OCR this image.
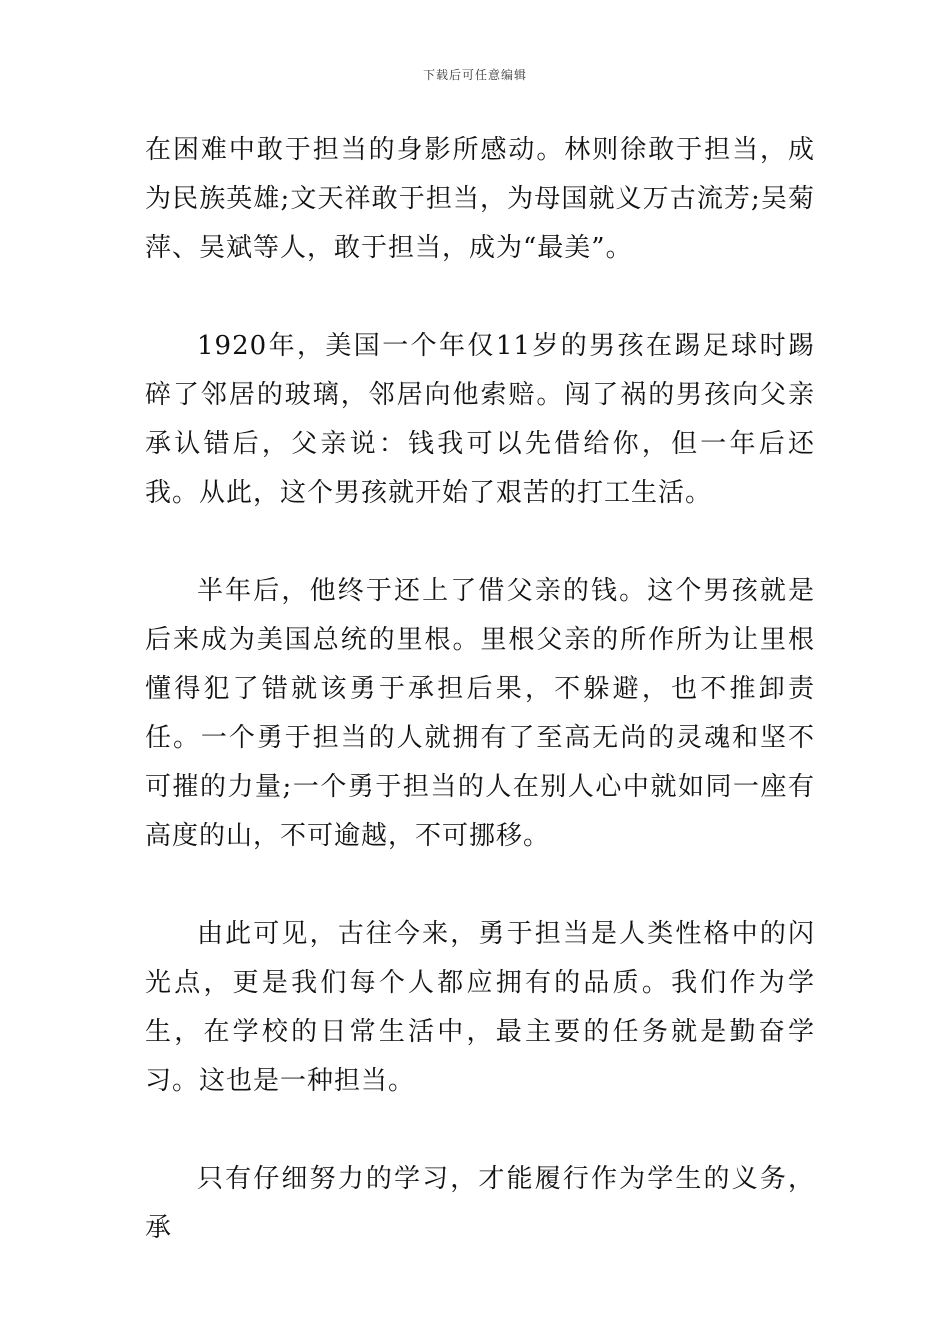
下载后可任意编辑

在困难中敢于担当的身影所感动。林则徐敢于担当，成为民族英雄;文天祥敢于担当，为母国就义万古流芳;吴菊萍、吴斌等人，敢于担当，成为“最美”。

1920年，美国一个年仅11岁的男孩在踢足球时踢碎了邻居的玻璃，邻居向他索赔。闯了祸的男孩向父亲承认错后，父亲说：钱我可以先借给你，但一年后还我。从此，这个男孩就开始了艰苦的打工生活。

半年后，他终于还上了借父亲的钱。这个男孩就是后来成为美国总统的里根。里根父亲的所作所为让里根懂得犯了错就该勇于承担后果，不躲避，也不推卸责任。一个勇于担当的人就拥有了至高无尚的灵魂和坚不可摧的力量;一个勇于担当的人在别人心中就如同一座有高度的山，不可逾越，不可挪移。

由此可见，古往今来，勇于担当是人类性格中的闪光点，更是我们每个人都应拥有的品质。我们作为学生，在学校的日常生活中，最主要的任务就是勤奋学习。这也是一种担当。

只有仔细努力的学习，才能履行作为学生的义务，承
